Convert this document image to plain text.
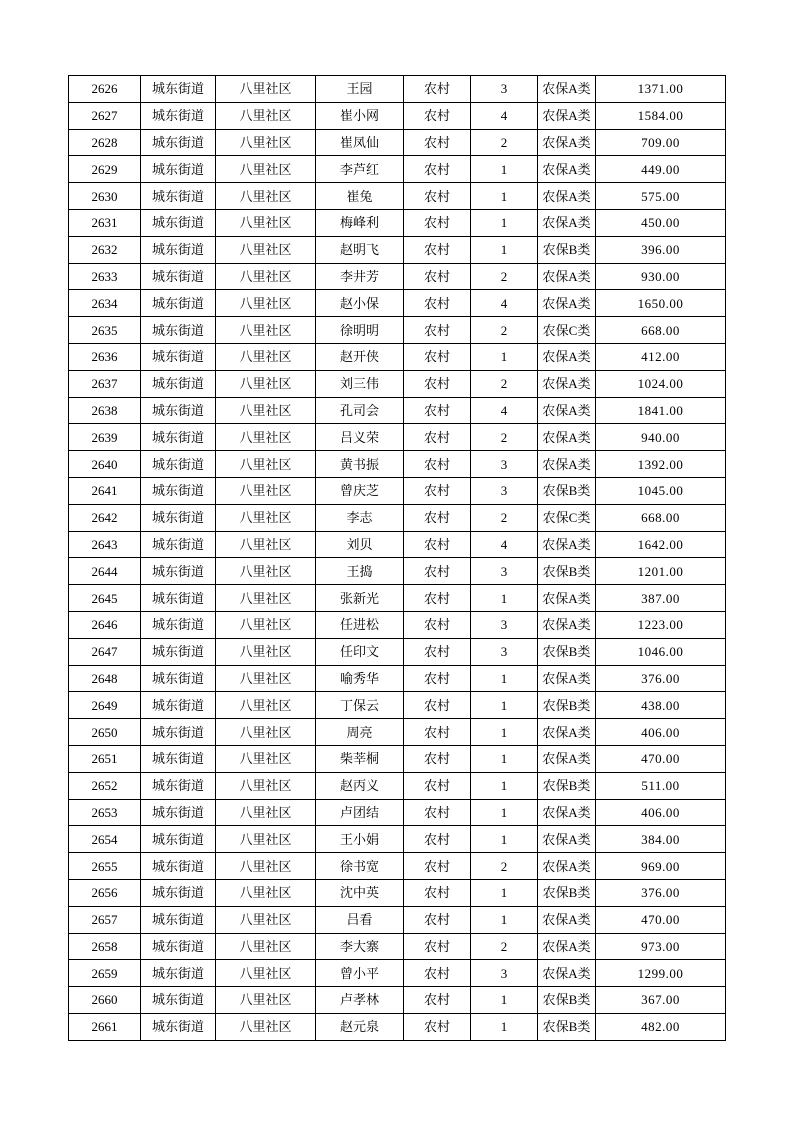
2626	城东街道	八里社区	王园	农村	3	农保A类	1371.00
2627	城东街道	八里社区	崔小网	农村	4	农保A类	1584.00
2628	城东街道	八里社区	崔凤仙	农村	2	农保A类	709.00
2629	城东街道	八里社区	李芦红	农村	1	农保A类	449.00
2630	城东街道	八里社区	崔兔	农村	1	农保A类	575.00
2631	城东街道	八里社区	梅峰利	农村	1	农保A类	450.00
2632	城东街道	八里社区	赵明飞	农村	1	农保B类	396.00
2633	城东街道	八里社区	李井芳	农村	2	农保A类	930.00
2634	城东街道	八里社区	赵小保	农村	4	农保A类	1650.00
2635	城东街道	八里社区	徐明明	农村	2	农保C类	668.00
2636	城东街道	八里社区	赵开侠	农村	1	农保A类	412.00
2637	城东街道	八里社区	刘三伟	农村	2	农保A类	1024.00
2638	城东街道	八里社区	孔司会	农村	4	农保A类	1841.00
2639	城东街道	八里社区	吕义荣	农村	2	农保A类	940.00
2640	城东街道	八里社区	黄书振	农村	3	农保A类	1392.00
2641	城东街道	八里社区	曾庆芝	农村	3	农保B类	1045.00
2642	城东街道	八里社区	李志	农村	2	农保C类	668.00
2643	城东街道	八里社区	刘贝	农村	4	农保A类	1642.00
2644	城东街道	八里社区	王捣	农村	3	农保B类	1201.00
2645	城东街道	八里社区	张新光	农村	1	农保A类	387.00
2646	城东街道	八里社区	任进松	农村	3	农保A类	1223.00
2647	城东街道	八里社区	任印文	农村	3	农保B类	1046.00
2648	城东街道	八里社区	喻秀华	农村	1	农保A类	376.00
2649	城东街道	八里社区	丁保云	农村	1	农保B类	438.00
2650	城东街道	八里社区	周亮	农村	1	农保A类	406.00
2651	城东街道	八里社区	柴莘桐	农村	1	农保A类	470.00
2652	城东街道	八里社区	赵丙义	农村	1	农保B类	511.00
2653	城东街道	八里社区	卢团结	农村	1	农保A类	406.00
2654	城东街道	八里社区	王小娟	农村	1	农保A类	384.00
2655	城东街道	八里社区	徐书宽	农村	2	农保A类	969.00
2656	城东街道	八里社区	沈中英	农村	1	农保B类	376.00
2657	城东街道	八里社区	吕看	农村	1	农保A类	470.00
2658	城东街道	八里社区	李大寨	农村	2	农保A类	973.00
2659	城东街道	八里社区	曾小平	农村	3	农保A类	1299.00
2660	城东街道	八里社区	卢孝林	农村	1	农保B类	367.00
2661	城东街道	八里社区	赵元泉	农村	1	农保B类	482.00
